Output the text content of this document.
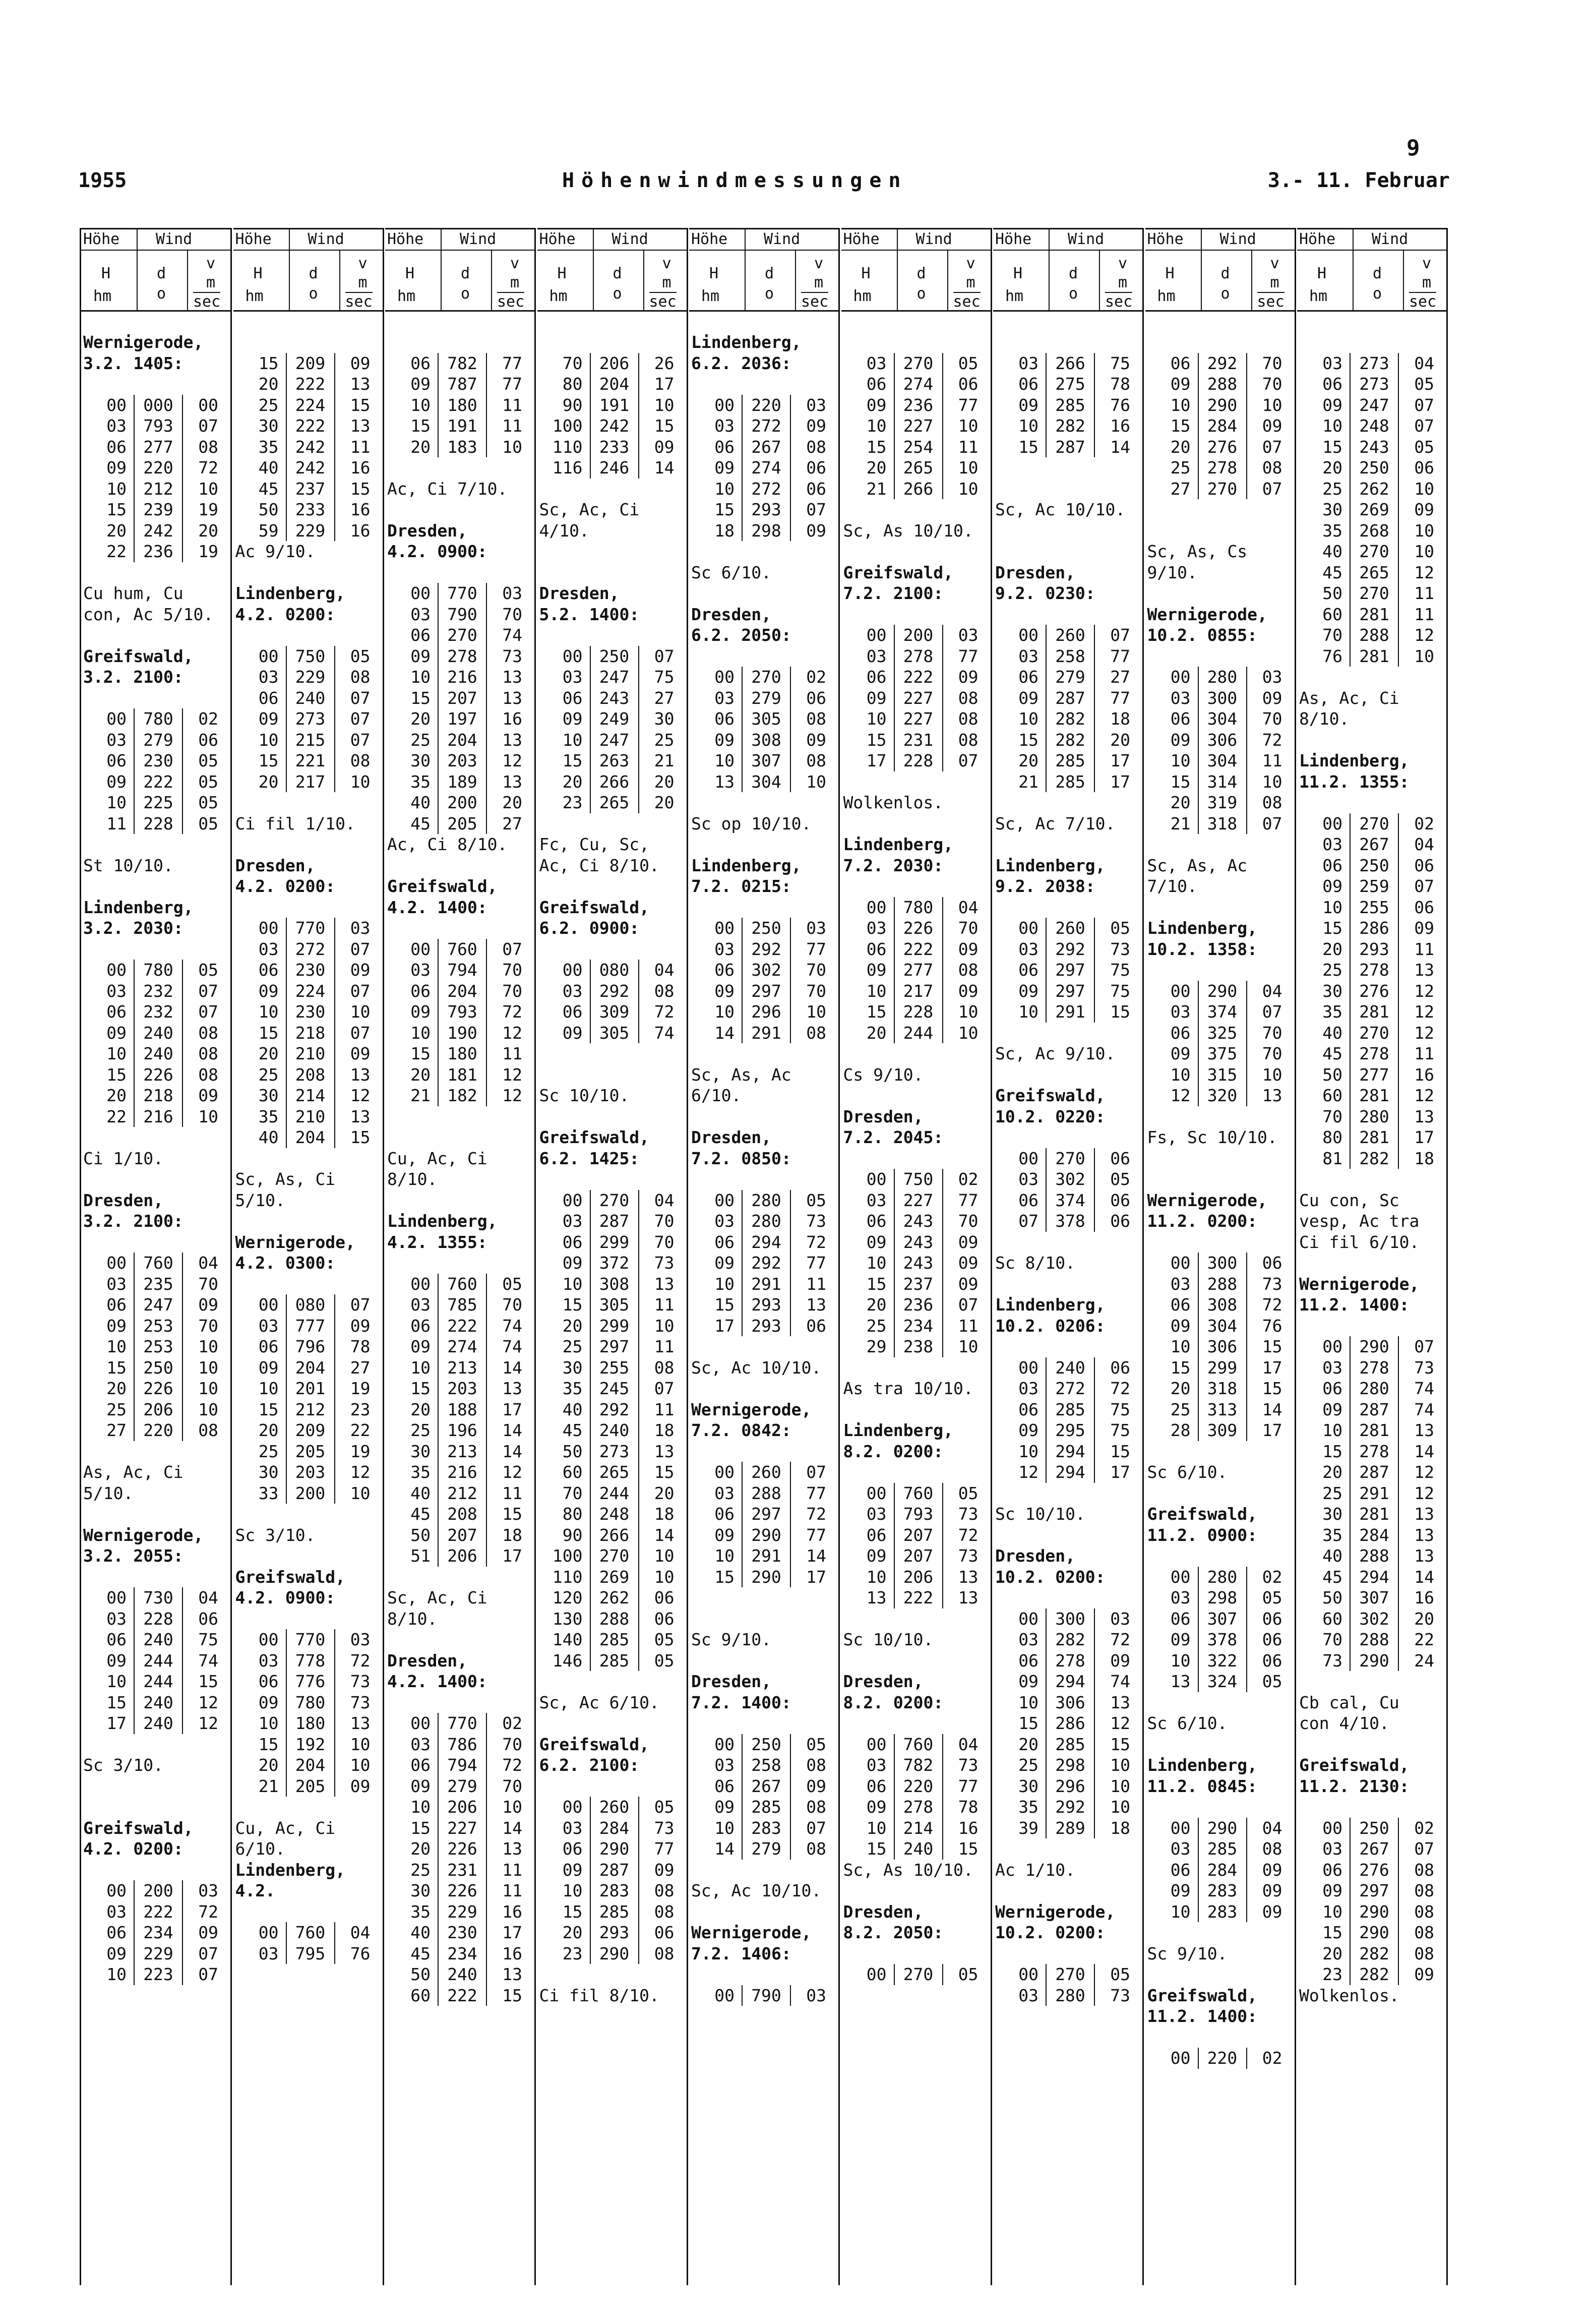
9
1955	Höhenwindmessungen	3.- 11. Februar
Höhe Wind
H
hm
d
o
v
m
sec
Wernigerode,
3.2. 1405:
00	000	00
03	793	07
06	277	08
09	220	72
10	212	10
15	239	19
20	242	20
22	236	19
Cu hum, Cu
con, Ac 5/10.
Greifswald,
3.2. 2100:
00	780	02
03	279	06
06	230	05
09	222	05
10	225	05
11	228	05
St 10/10.
Lindenberg,
3.2. 2030:
00	780	05
03	232	07
06	232	07
09	240	08
10	240	08
15	226	08
20	218	09
22	216	10
Ci 1/10.
Dresden,
3.2. 2100:
00	760	04
03	235	70
06	247	09
09	253	70
10	253	10
15	250	10
20	226	10
25	206	10
27	220	08
As, Ac, Ci
5/10.
Wernigerode,
3.2. 2055:
00	730	04
03	228	06
06	240	75
09	244	74
10	244	15
15	240	12
17	240	12
Sc 3/10.
Greifswald,
4.2. 0200:
00	200	03
03	222	72
06	234	09
09	229	07
10	223	07
Höhe Wind
H
hm
d
o
v
m
sec
15	209	09
20	222	13
25	224	15
30	222	13
35	242	11
40	242	16
45	237	15
50	233	16
59	229	16
Ac 9/10.
Lindenberg,
4.2. 0200:
00	750	05
03	229	08
06	240	07
09	273	07
10	215	07
15	221	08
20	217	10
Ci fil 1/10.
Dresden,
4.2. 0200:
00	770	03
03	272	07
06	230	09
09	224	07
10	230	10
15	218	07
20	210	09
25	208	13
30	214	12
35	210	13
40	204	15
Sc, As, Ci
5/10.
Wernigerode,
4.2. 0300:
00	080	07
03	777	09
06	796	78
09	204	27
10	201	19
15	212	23
20	209	22
25	205	19
30	203	12
33	200	10
Sc 3/10.
Greifswald,
4.2. 0900:
00	770	03
03	778	72
06	776	73
09	780	73
10	180	13
15	192	10
20	204	10
21	205	09
Cu, Ac, Ci
6/10.
Lindenberg,
4.2.
00	760	04
03	795	76
Höhe Wind
H
hm
d
o
v
m
sec
06	782	77
09	787	77
10	180	11
15	191	11
20	183	10
Ac, Ci 7/10.
Dresden,
4.2. 0900:
00	770	03
03	790	70
06	270	74
09	278	73
10	216	13
15	207	13
20	197	16
25	204	13
30	203	12
35	189	13
40	200	20
45	205	27
Ac, Ci 8/10.
Greifswald,
4.2. 1400:
00	760	07
03	794	70
06	204	70
09	793	72
10	190	12
15	180	11
20	181	12
21	182	12
Cu, Ac, Ci
8/10.
Lindenberg,
4.2. 1355:
00	760	05
03	785	70
06	222	74
09	274	74
10	213	14
15	203	13
20	188	17
25	196	14
30	213	14
35	216	12
40	212	11
45	208	15
50	207	18
51	206	17
Sc, Ac, Ci
8/10.
Dresden,
4.2. 1400:
00	770	02
03	786	70
06	794	72
09	279	70
10	206	10
15	227	14
20	226	13
25	231	11
30	226	11
35	229	16
40	230	17
45	234	16
50	240	13
60	222	15
Höhe Wind
H
hm
d
o
v
m
sec
70	206	26
80	204	17
90	191	10
100	242	15
110	233	09
116	246	14
Sc, Ac, Ci
4/10.
Dresden,
5.2. 1400:
00	250	07
03	247	75
06	243	27
09	249	30
10	247	25
15	263	21
20	266	20
23	265	20
Fc, Cu, Sc,
Ac, Ci 8/10.
Greifswald,
6.2. 0900:
00	080	04
03	292	08
06	309	72
09	305	74
Sc 10/10.
Greifswald,
6.2. 1425:
00	270	04
03	287	70
06	299	70
09	372	73
10	308	13
15	305	11
20	299	10
25	297	11
30	255	08
35	245	07
40	292	11
45	240	18
50	273	13
60	265	15
70	244	20
80	248	18
90	266	14
100	270	10
110	269	10
120	262	06
130	288	06
140	285	05
146	285	05
Sc, Ac 6/10.
Greifswald,
6.2. 2100:
00	260	05
03	284	73
06	290	77
09	287	09
10	283	08
15	285	08
20	293	06
23	290	08
Ci fil 8/10.
Höhe Wind
H
hm
d
o
v
m
sec
Lindenberg,
6.2. 2036:
00	220	03
03	272	09
06	267	08
09	274	06
10	272	06
15	293	07
18	298	09
Sc 6/10.
Dresden,
6.2. 2050:
00	270	02
03	279	06
06	305	08
09	308	09
10	307	08
13	304	10
Sc op 10/10.
Lindenberg,
7.2. 0215:
00	250	03
03	292	77
06	302	70
09	297	70
10	296	10
14	291	08
Sc, As, Ac
6/10.
Dresden,
7.2. 0850:
00	280	05
03	280	73
06	294	72
09	292	77
10	291	11
15	293	13
17	293	06
Sc, Ac 10/10.
Wernigerode,
7.2. 0842:
00	260	07
03	288	77
06	297	72
09	290	77
10	291	14
15	290	17
Sc 9/10.
Dresden,
7.2. 1400:
00	250	05
03	258	08
06	267	09
09	285	08
10	283	07
14	279	08
Sc, Ac 10/10.
Wernigerode,
7.2. 1406:
00	790	03
Höhe Wind
H
hm
d
o
v
m
sec
03	270	05
06	274	06
09	236	77
10	227	10
15	254	11
20	265	10
21	266	10
Sc, As 10/10.
Greifswald,
7.2. 2100:
00	200	03
03	278	77
06	222	09
09	227	08
10	227	08
15	231	08
17	228	07
Wolkenlos.
Lindenberg,
7.2. 2030:
00	780	04
03	226	70
06	222	09
09	277	08
10	217	09
15	228	10
20	244	10
Cs 9/10.
Dresden,
7.2. 2045:
00	750	02
03	227	77
06	243	70
09	243	09
10	243	09
15	237	09
20	236	07
25	234	11
29	238	10
As tra 10/10.
Lindenberg,
8.2. 0200:
00	760	05
03	793	73
06	207	72
09	207	73
10	206	13
13	222	13
Sc 10/10.
Dresden,
8.2. 0200:
00	760	04
03	782	73
06	220	77
09	278	78
10	214	16
15	240	15
Sc, As 10/10.
Dresden,
8.2. 2050:
00	270	05
Höhe Wind
H
hm
d
o
v
m
sec
03	266	75
06	275	78
09	285	76
10	282	16
15	287	14
Sc, Ac 10/10.
Dresden,
9.2. 0230:
00	260	07
03	258	77
06	279	27
09	287	77
10	282	18
15	282	20
20	285	17
21	285	17
Sc, Ac 7/10.
Lindenberg,
9.2. 2038:
00	260	05
03	292	73
06	297	75
09	297	75
10	291	15
Sc, Ac 9/10.
Greifswald,
10.2. 0220:
00	270	06
03	302	05
06	374	06
07	378	06
Sc 8/10.
Lindenberg,
10.2. 0206:
00	240	06
03	272	72
06	285	75
09	295	75
10	294	15
12	294	17
Sc 10/10.
Dresden,
10.2. 0200:
00	300	03
03	282	72
06	278	09
09	294	74
10	306	13
15	286	12
20	285	15
25	298	10
30	296	10
35	292	10
39	289	18
Ac 1/10.
Wernigerode,
10.2. 0200:
00	270	05
03	280	73
Höhe Wind
H
hm
d
o
v
m
sec
06	292	70
09	288	70
10	290	10
15	284	09
20	276	07
25	278	08
27	270	07
Sc, As, Cs
9/10.
Wernigerode,
10.2. 0855:
00	280	03
03	300	09
06	304	70
09	306	72
10	304	11
15	314	10
20	319	08
21	318	07
Sc, As, Ac
7/10.
Lindenberg,
10.2. 1358:
00	290	04
03	374	07
06	325	70
09	375	70
10	315	10
12	320	13
Fs, Sc 10/10.
Wernigerode,
11.2. 0200:
00	300	06
03	288	73
06	308	72
09	304	76
10	306	15
15	299	17
20	318	15
25	313	14
28	309	17
Sc 6/10.
Greifswald,
11.2. 0900:
00	280	02
03	298	05
06	307	06
09	378	06
10	322	06
13	324	05
Sc 6/10.
Lindenberg,
11.2. 0845:
00	290	04
03	285	08
06	284	09
09	283	09
10	283	09
Sc 9/10.
Greifswald,
11.2. 1400:
00	220	02
Höhe Wind
H
hm
d
o
v
m
sec
03	273	04
06	273	05
09	247	07
10	248	07
15	243	05
20	250	06
25	262	10
30	269	09
35	268	10
40	270	10
45	265	12
50	270	11
60	281	11
70	288	12
76	281	10
As, Ac, Ci
8/10.
Lindenberg,
11.2. 1355:
00	270	02
03	267	04
06	250	06
09	259	07
10	255	06
15	286	09
20	293	11
25	278	13
30	276	12
35	281	12
40	270	12
45	278	11
50	277	16
60	281	12
70	280	13
80	281	17
81	282	18
Cu con, Sc
vesp, Ac tra
Ci fil 6/10.
Wernigerode,
11.2. 1400:
00	290	07
03	278	73
06	280	74
09	287	74
10	281	13
15	278	14
20	287	12
25	291	12
30	281	13
35	284	13
40	288	13
45	294	14
50	307	16
60	302	20
70	288	22
73	290	24
Cb cal, Cu
con 4/10.
Greifswald,
11.2. 2130:
00	250	02
03	267	07
06	276	08
09	297	08
10	290	08
15	290	08
20	282	08
23	282	09
Wolkenlos.
